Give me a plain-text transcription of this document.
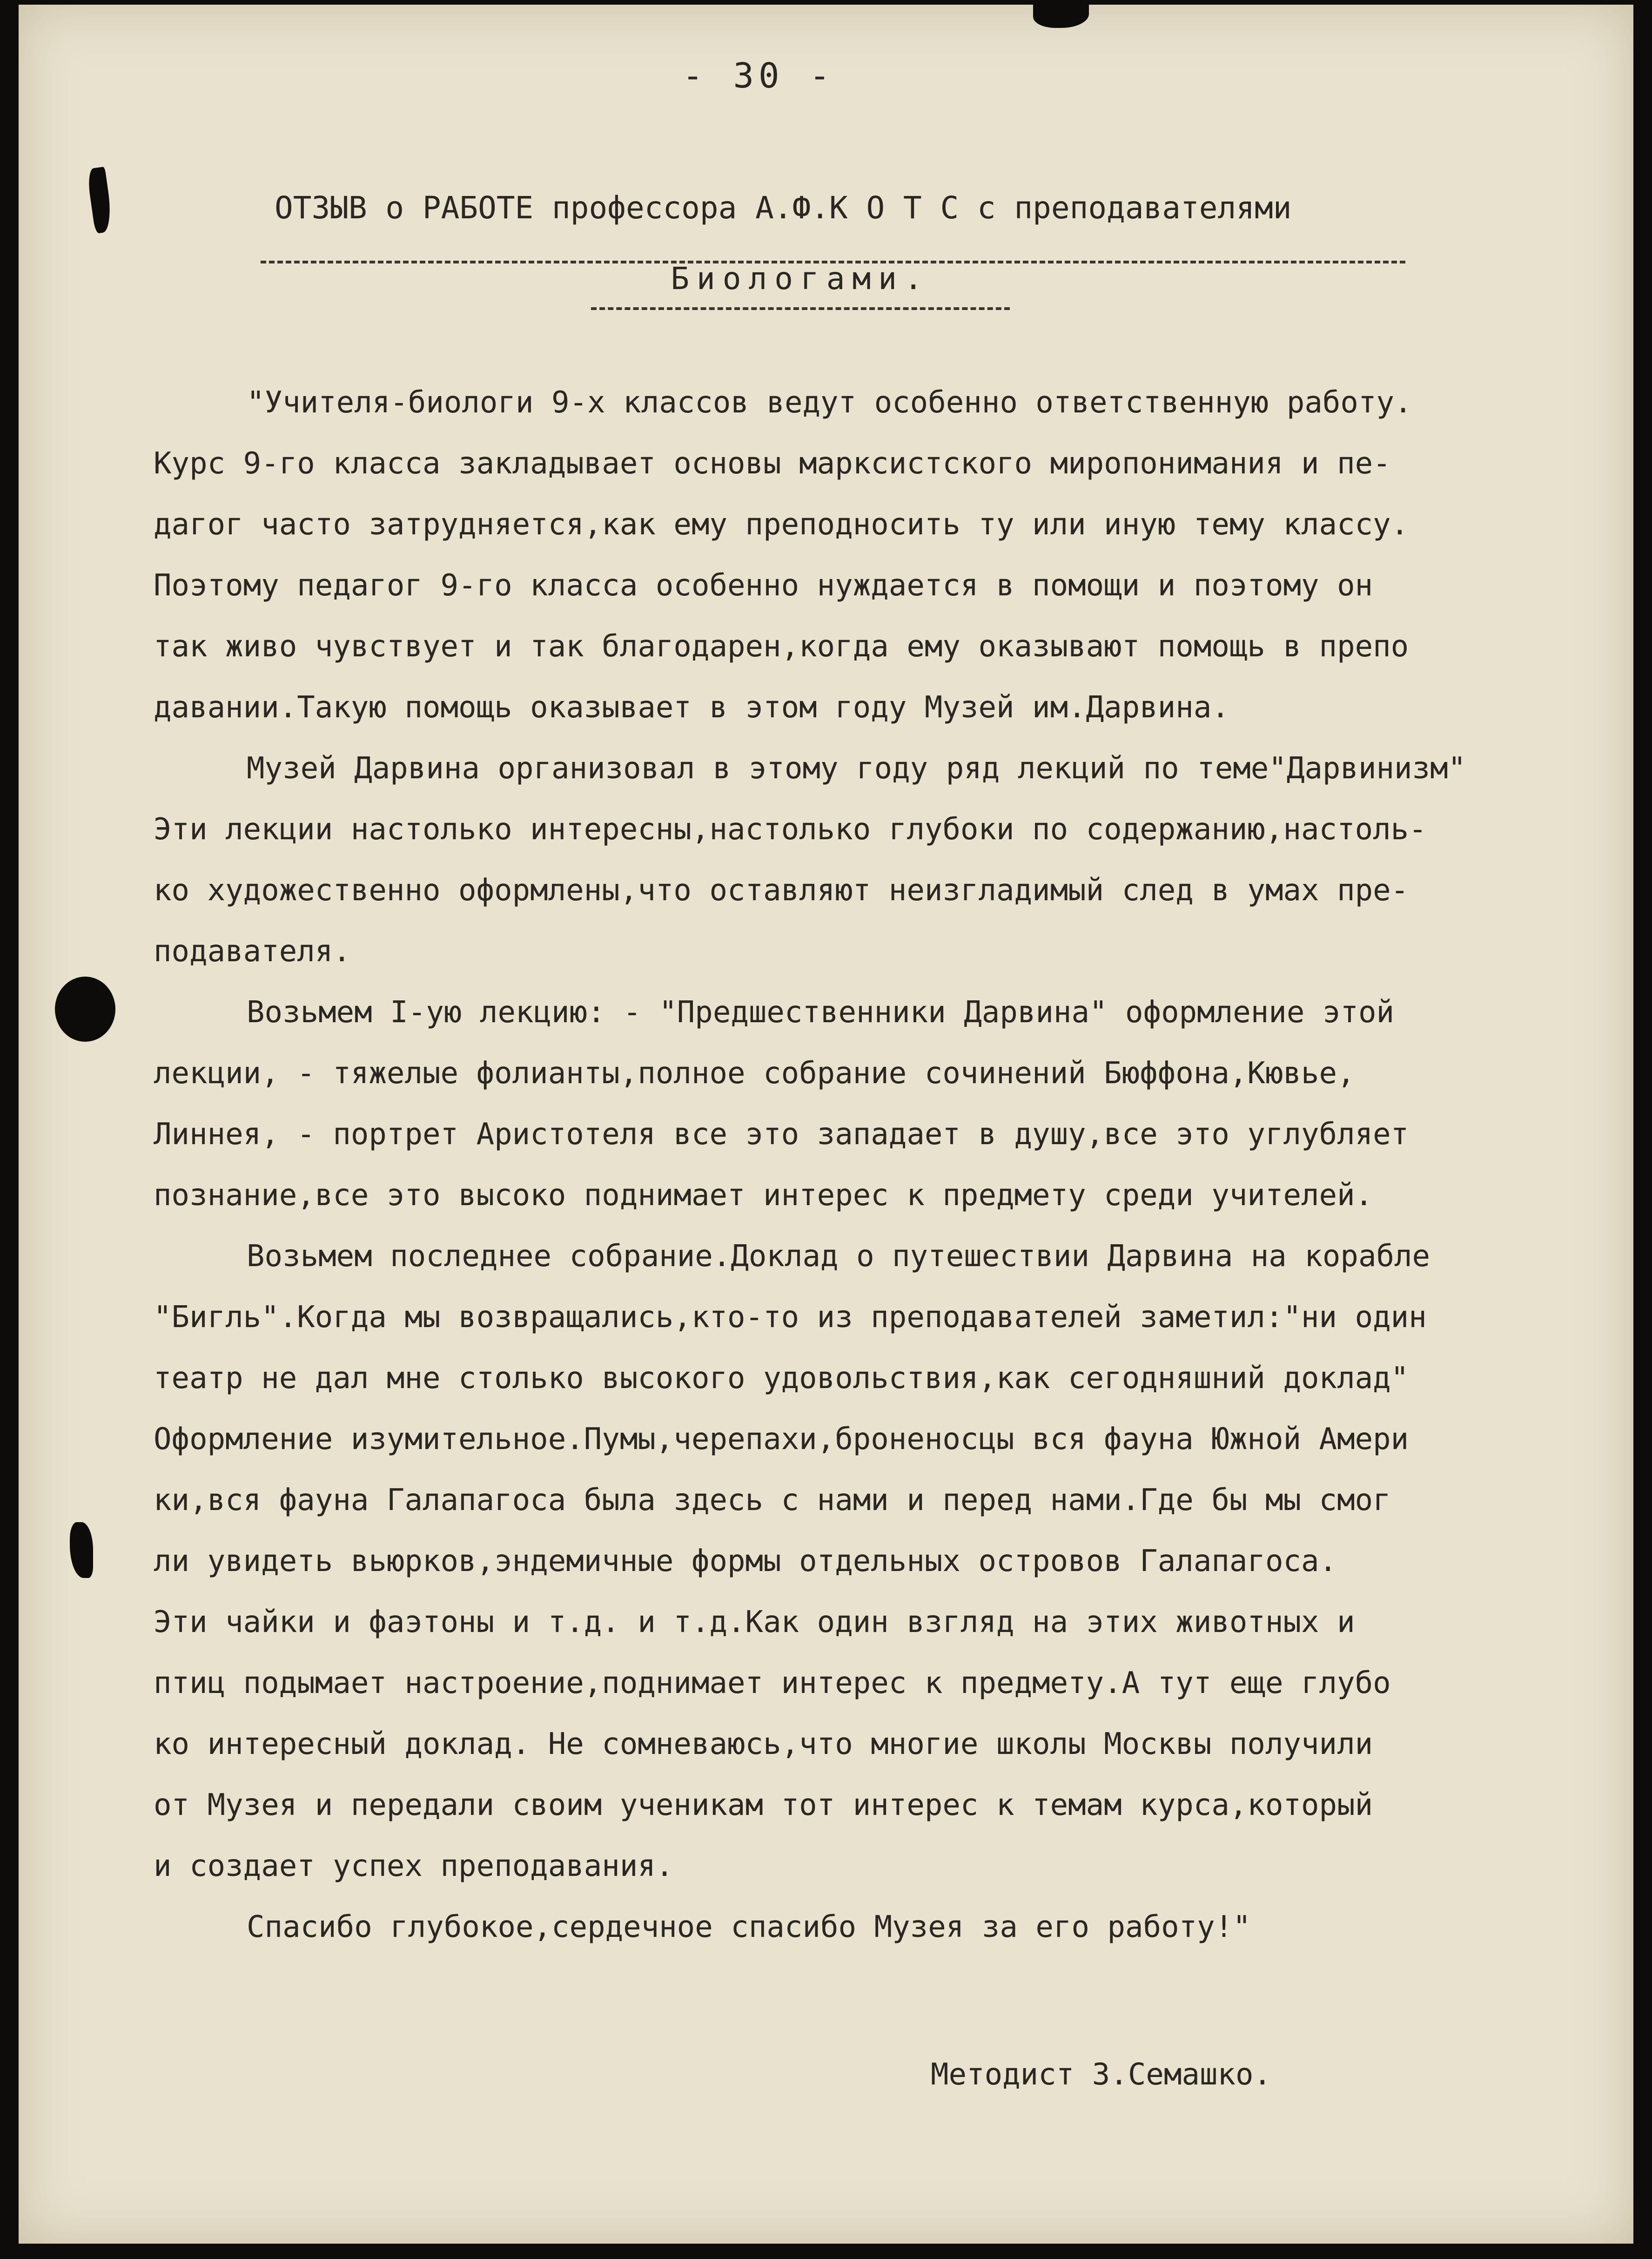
- 30 -
ОТЗЫВ о РАБОТЕ профессора А.Ф.К О Т С с преподавателями
Биологами.
"Учителя-биологи 9-х классов ведут особенно ответственную работу.
Курс 9-го класса закладывает основы марксистского миропонимания и пе-
дагог часто затрудняется,как ему преподносить ту или иную тему классу.
Поэтому педагог 9-го класса особенно нуждается в помощи и поэтому он
так живо чувствует и так благодарен,когда ему оказывают помощь в препо
давании.Такую помощь оказывает в этом году Музей им.Дарвина.
Музей Дарвина организовал в этому году ряд лекций по теме"Дарвинизм"
Эти лекции настолько интересны,настолько глубоки по содержанию,настоль-
ко художественно оформлены,что оставляют неизгладимый след в умах пре-
подавателя.
Возьмем I-ую лекцию: - "Предшественники Дарвина" оформление этой
лекции, - тяжелые фолианты,полное собрание сочинений Бюффона,Кювье,
Линнея, - портрет Аристотеля все это западает в душу,все это углубляет
познание,все это высоко поднимает интерес к предмету среди учителей.
Возьмем последнее собрание.Доклад о путешествии Дарвина на корабле
"Бигль".Когда мы возвращались,кто-то из преподавателей заметил:"ни один
театр не дал мне столько высокого удовольствия,как сегодняшний доклад"
Оформление изумительное.Пумы,черепахи,броненосцы вся фауна Южной Амери
ки,вся фауна Галапагоса была здесь с нами и перед нами.Где бы мы смог
ли увидеть вьюрков,эндемичные формы отдельных островов Галапагоса.
Эти чайки и фаэтоны и т.д. и т.д.Как один взгляд на этих животных и
птиц подымает настроение,поднимает интерес к предмету.А тут еще глубо
ко интересный доклад. Не сомневаюсь,что многие школы Москвы получили
от Музея и передали своим ученикам тот интерес к темам курса,который
и создает успех преподавания.
Спасибо глубокое,сердечное спасибо Музея за его работу!"
Методист З.Семашко.
